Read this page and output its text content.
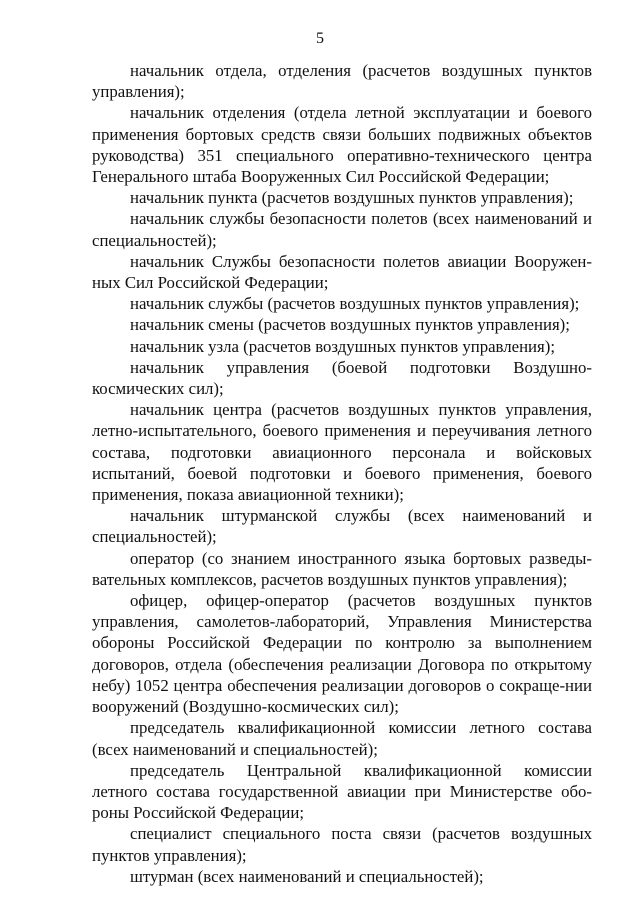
5

начальник отдела, отделения (расчетов воздушных пунктов управления);

начальник отделения (отдела летной эксплуатации и боевого применения бортовых средств связи больших подвижных объектов руководства) 351 специального оперативно-технического центра Генерального штаба Вооруженных Сил Российской Федерации;

начальник пункта (расчетов воздушных пунктов управления);

начальник службы безопасности полетов (всех наименований и специальностей);

начальник Службы безопасности полетов авиации Вооружен-ных Сил Российской Федерации;

начальник службы (расчетов воздушных пунктов управления);

начальник смены (расчетов воздушных пунктов управления);

начальник узла (расчетов воздушных пунктов управления);

начальник управления (боевой подготовки Воздушно-космических сил);

начальник центра (расчетов воздушных пунктов управления, летно-испытательного, боевого применения и переучивания летного состава, подготовки авиационного персонала и войсковых испытаний, боевой подготовки и боевого применения, боевого применения, показа авиационной техники);

начальник штурманской службы (всех наименований и специальностей);

оператор (со знанием иностранного языка бортовых разведы-вательных комплексов, расчетов воздушных пунктов управления);

офицер, офицер-оператор (расчетов воздушных пунктов управления, самолетов-лабораторий, Управления Министерства обороны Российской Федерации по контролю за выполнением договоров, отдела (обеспечения реализации Договора по открытому небу) 1052 центра обеспечения реализации договоров о сокраще-нии вооружений (Воздушно-космических сил);

председатель квалификационной комиссии летного состава (всех наименований и специальностей);

председатель Центральной квалификационной комиссии летного состава государственной авиации при Министерстве обо-роны Российской Федерации;

специалист специального поста связи (расчетов воздушных пунктов управления);

штурман (всех наименований и специальностей);
